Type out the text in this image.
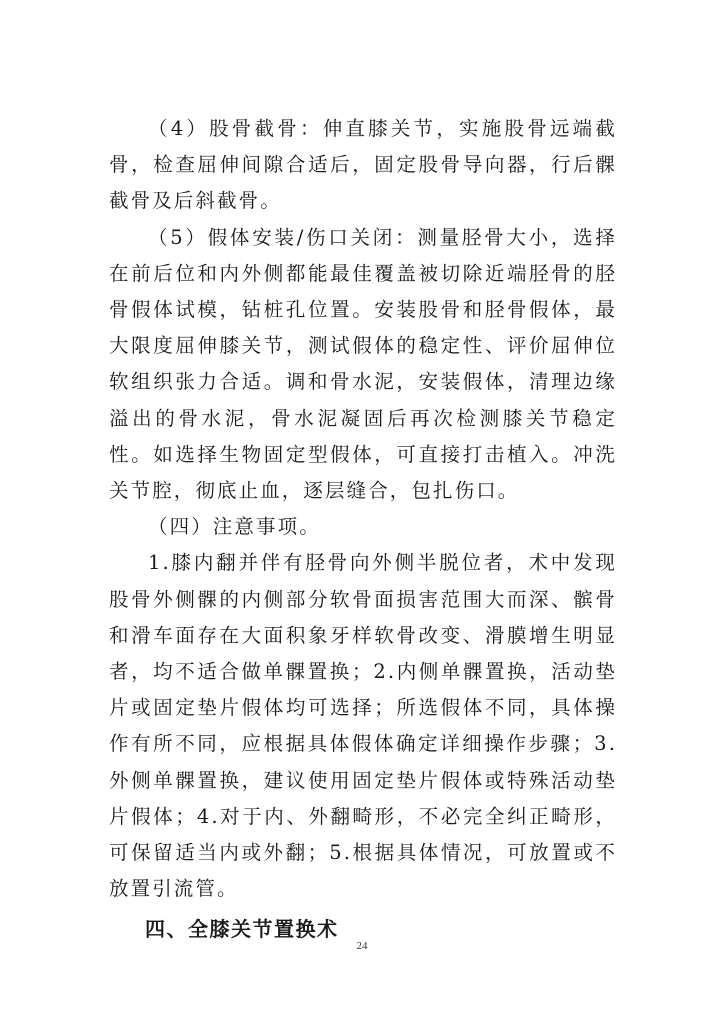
（4）股骨截骨：伸直膝关节，实施股骨远端截骨，检查屈伸间隙合适后，固定股骨导向器，行后髁截骨及后斜截骨。

（5）假体安装/伤口关闭：测量胫骨大小，选择在前后位和内外侧都能最佳覆盖被切除近端胫骨的胫骨假体试模，钻桩孔位置。安装股骨和胫骨假体，最大限度屈伸膝关节，测试假体的稳定性、评价屈伸位软组织张力合适。调和骨水泥，安装假体，清理边缘溢出的骨水泥，骨水泥凝固后再次检测膝关节稳定性。如选择生物固定型假体，可直接打击植入。冲洗关节腔，彻底止血，逐层缝合，包扎伤口。

（四）注意事项。

1.膝内翻并伴有胫骨向外侧半脱位者，术中发现股骨外侧髁的内侧部分软骨面损害范围大而深、髌骨和滑车面存在大面积象牙样软骨改变、滑膜增生明显者，均不适合做单髁置换；2.内侧单髁置换，活动垫片或固定垫片假体均可选择；所选假体不同，具体操作有所不同，应根据具体假体确定详细操作步骤；3.外侧单髁置换，建议使用固定垫片假体或特殊活动垫片假体；4.对于内、外翻畸形，不必完全纠正畸形，可保留适当内或外翻；5.根据具体情况，可放置或不放置引流管。

四、全膝关节置换术
24
